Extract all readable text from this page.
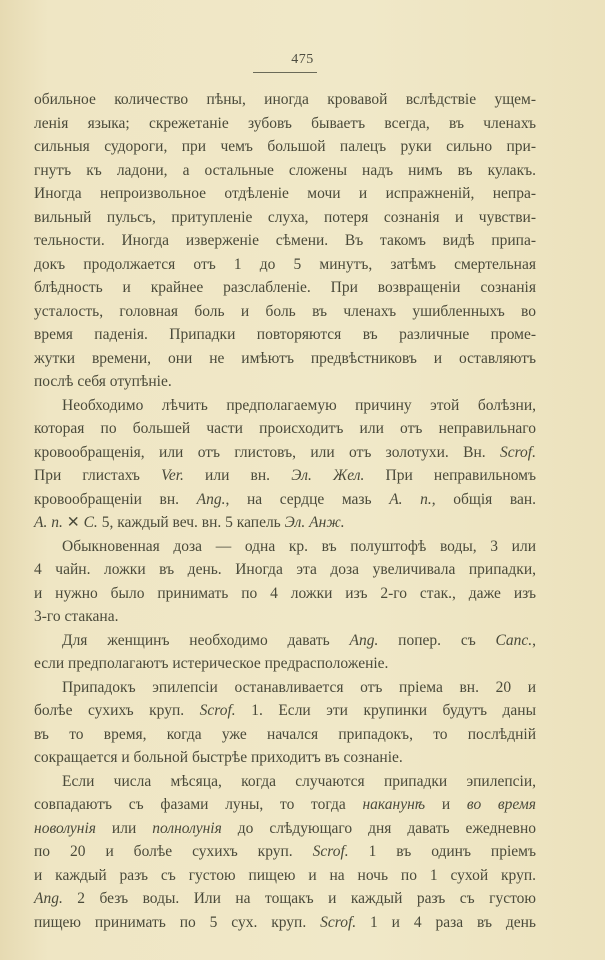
475
обильное количество пѣны, иногда кровавой вслѣдствіе ущем-
ленія языка; скрежетаніе зубовъ бываетъ всегда, въ членахъ
сильныя судороги, при чемъ большой палецъ руки сильно при-
гнутъ къ ладони, а остальные сложены надъ нимъ въ кулакъ.
Иногда непроизвольное отдѣленіе мочи и испражненій, непра-
вильный пульсъ, притупленіе слуха, потеря сознанія и чувстви-
тельности. Иногда изверженіе сѣмени. Въ такомъ видѣ припа-
докъ продолжается отъ 1 до 5 минутъ, затѣмъ смертельная
блѣдность и крайнее разслабленіе. При возвращеніи сознанія
усталость, головная боль и боль въ членахъ ушибленныхъ во
время паденія. Припадки повторяются въ различные проме-
жутки времени, они не имѣютъ предвѣстниковъ и оставляютъ
послѣ себя отупѣніе.
Необходимо лѣчить предполагаемую причину этой болѣзни,
которая по большей части происходитъ или отъ неправильнаго
кровообращенія, или отъ глистовъ, или отъ золотухи. Вн. Scrof.
При глистахъ Ver. или вн. Эл. Жел. При неправильномъ
кровообращеніи вн. Ang., на сердце мазь А. п., общія ван.
А. п. ✕ С. 5, каждый веч. вн. 5 капель Эл. Анж.
Обыкновенная доза — одна кр. въ полуштофѣ воды, 3 или
4 чайн. ложки въ день. Иногда эта доза увеличивала припадки,
и нужно было принимать по 4 ложки изъ 2-го стак., даже изъ
3-го стакана.
Для женщинъ необходимо давать Ang. попер. съ Canc.,
если предполагаютъ истерическое предрасположеніе.
Припадокъ эпилепсіи останавливается отъ пріема вн. 20 и
болѣе сухихъ круп. Scrof. 1. Если эти крупинки будутъ даны
въ то время, когда уже начался припадокъ, то послѣдній
сокращается и больной быстрѣе приходитъ въ сознаніе.
Если числа мѣсяца, когда случаются припадки эпилепсіи,
совпадаютъ съ фазами луны, то тогда наканунѣ и во время
новолунія или полнолунія до слѣдующаго дня давать ежедневно
по 20 и болѣе сухихъ круп. Scrof. 1 въ одинъ пріемъ
и каждый разъ съ густою пищею и на ночь по 1 сухой круп.
Ang. 2 безъ воды. Или на тощакъ и каждый разъ съ густою
пищею принимать по 5 сух. круп. Scrof. 1 и 4 раза въ день
